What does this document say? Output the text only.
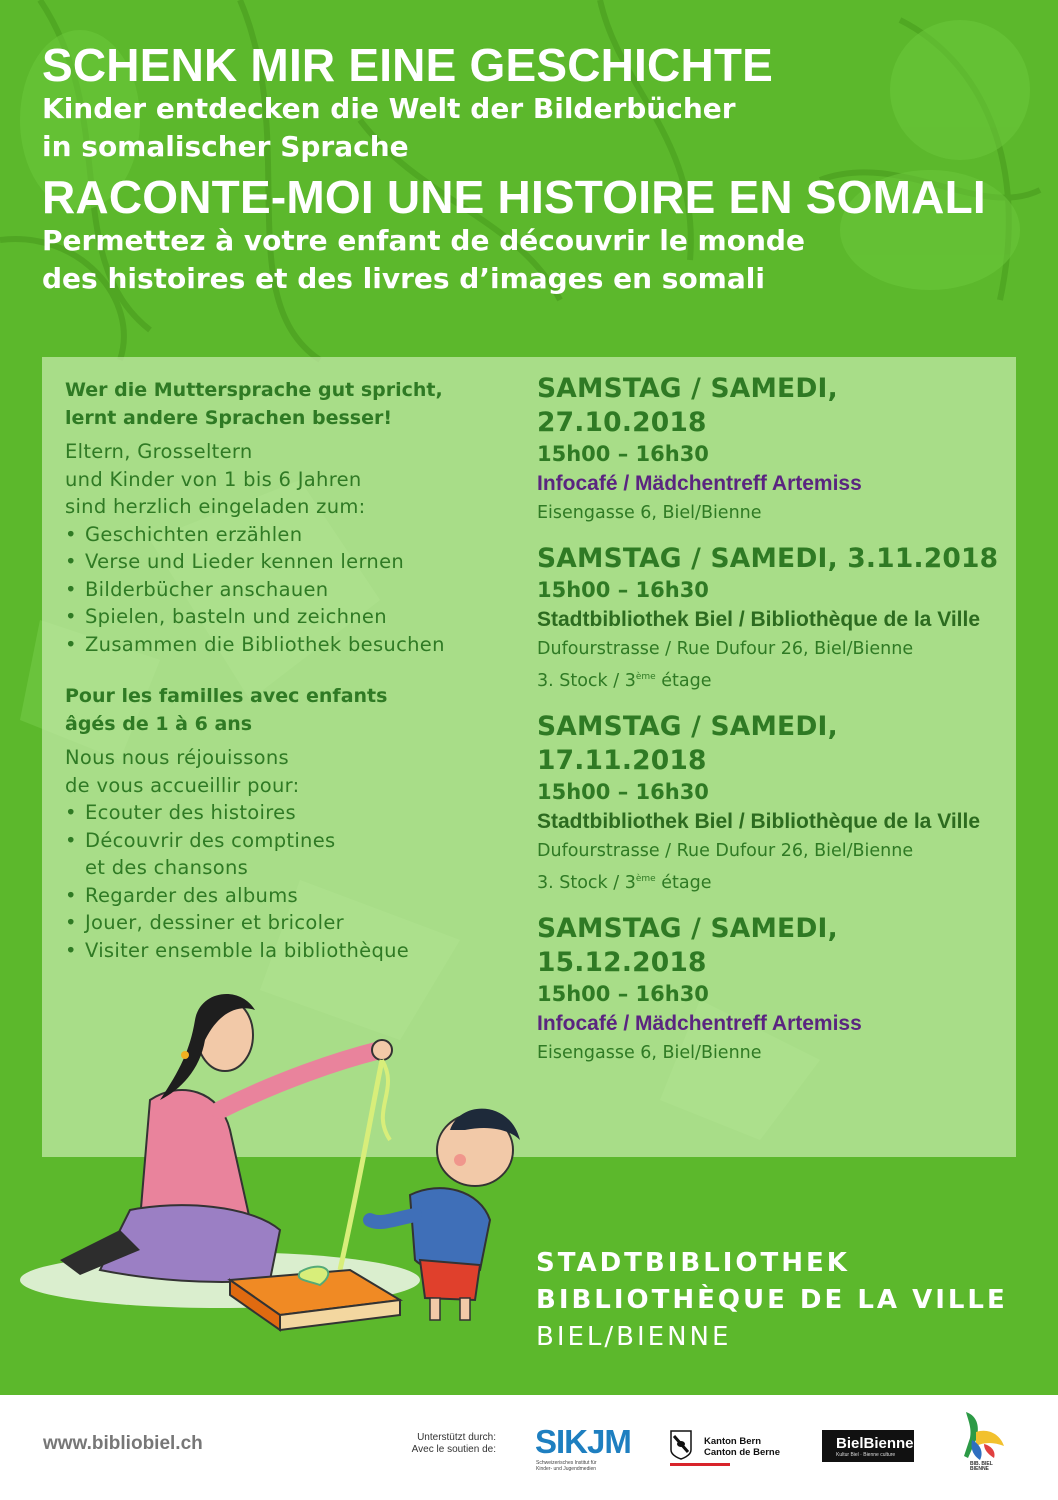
SCHENK MIR EINE GESCHICHTE

Kinder entdecken die Welt der Bilderbücher

in somalischer Sprache

RACONTE-MOI UNE HISTOIRE EN SOMALI

Permettez à votre enfant de découvrir le monde

des histoires et des livres d’images en somali

Wer die Muttersprache gut spricht,

lernt andere Sprachen besser!

Eltern, Grosseltern

und Kinder von 1 bis 6 Jahren

sind herzlich eingeladen zum:

• Geschichten erzählen
• Verse und Lieder kennen lernen
• Bilderbücher anschauen
• Spielen, basteln und zeichnen
• Zusammen die Bibliothek besuchen

Pour les familles avec enfants

âgés de 1 à 6 ans

Nous nous réjouissons

de vous accueillir pour:

• Ecouter des histoires
• Découvrir des comptines
et des chansons
• Regarder des albums
• Jouer, dessiner et bricoler
• Visiter ensemble la bibliothèque

SAMSTAG / SAMEDI, 27.10.2018

15h00 – 16h30

Infocafé / Mädchentreff Artemiss

Eisengasse 6, Biel/Bienne

SAMSTAG / SAMEDI, 3.11.2018

15h00 – 16h30

Stadtbibliothek Biel / Bibliothèque de la Ville

Dufourstrasse / Rue Dufour 26, Biel/Bienne

3. Stock / 3ème étage

SAMSTAG / SAMEDI, 17.11.2018

15h00 – 16h30

Stadtbibliothek Biel / Bibliothèque de la Ville

Dufourstrasse / Rue Dufour 26, Biel/Bienne

3. Stock / 3ème étage

SAMSTAG / SAMEDI, 15.12.2018

15h00 – 16h30

Infocafé / Mädchentreff Artemiss

Eisengasse 6, Biel/Bienne

STADTBIBLIOTHEK

BIBLIOTHÈQUE DE LA VILLE

BIEL/BIENNE

www.bibliobiel.ch	Unterstützt durch:
Avec le soutien de: SIKJM
Schweizerisches Institut für
Kinder- und Jugendmedien
Kanton Bern
Canton de Berne
BielBienne
Kultur Biel · Bienne culture
BIB. BIEL BIENNE
